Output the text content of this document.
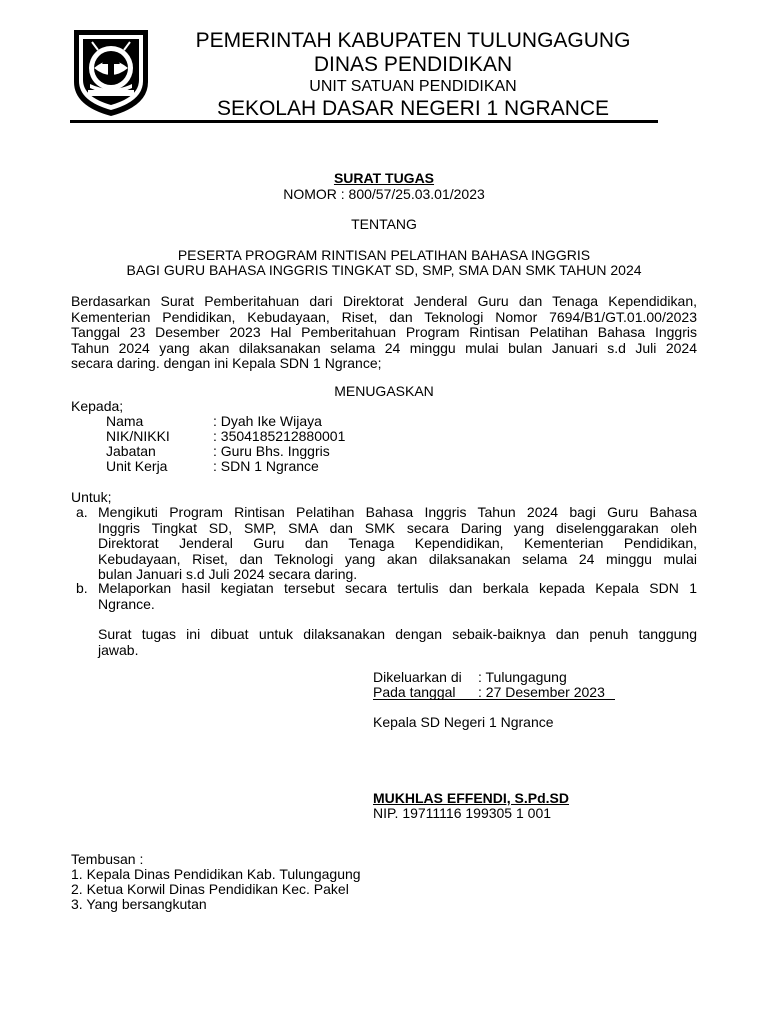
PEMERINTAH KABUPATEN TULUNGAGUNG
DINAS PENDIDIKAN
UNIT SATUAN PENDIDIKAN
SEKOLAH DASAR NEGERI 1 NGRANCE
SURAT TUGAS
NOMOR : 800/57/25.03.01/2023
TENTANG
PESERTA PROGRAM RINTISAN PELATIHAN BAHASA INGGRIS
BAGI GURU BAHASA INGGRIS TINGKAT SD, SMP, SMA DAN SMK TAHUN 2024
Berdasarkan Surat Pemberitahuan dari Direktorat Jenderal Guru dan Tenaga Kependidikan,
Kementerian Pendidikan, Kebudayaan, Riset, dan Teknologi Nomor 7694/B1/GT.01.00/2023
Tanggal 23 Desember 2023 Hal Pemberitahuan Program Rintisan Pelatihan Bahasa Inggris
Tahun 2024 yang akan dilaksanakan selama 24 minggu mulai bulan Januari s.d Juli 2024
secara daring. dengan ini Kepala SDN 1 Ngrance;
MENUGASKAN
Kepada;
Nama	: Dyah Ike Wijaya
NIK/NIKKI	: 3504185212880001
Jabatan	: Guru Bhs. Inggris
Unit Kerja	: SDN 1 Ngrance
Untuk;
a. Mengikuti Program Rintisan Pelatihan Bahasa Inggris Tahun 2024 bagi Guru Bahasa
Inggris Tingkat SD, SMP, SMA dan SMK secara Daring yang diselenggarakan oleh
Direktorat Jenderal Guru dan Tenaga Kependidikan, Kementerian Pendidikan,
Kebudayaan, Riset, dan Teknologi yang akan dilaksanakan selama 24 minggu mulai
bulan Januari s.d Juli 2024 secara daring.
b. Melaporkan hasil kegiatan tersebut secara tertulis dan berkala kepada Kepala SDN 1
Ngrance.
Surat tugas ini dibuat untuk dilaksanakan dengan sebaik-baiknya dan penuh tanggung
jawab.
Dikeluarkan di : Tulungagung
Pada tanggal : 27 Desember 2023
Kepala SD Negeri 1 Ngrance
MUKHLAS EFFENDI, S.Pd.SD
NIP. 19711116 199305 1 001
Tembusan :
1. Kepala Dinas Pendidikan Kab. Tulungagung
2. Ketua Korwil Dinas Pendidikan Kec. Pakel
3. Yang bersangkutan
